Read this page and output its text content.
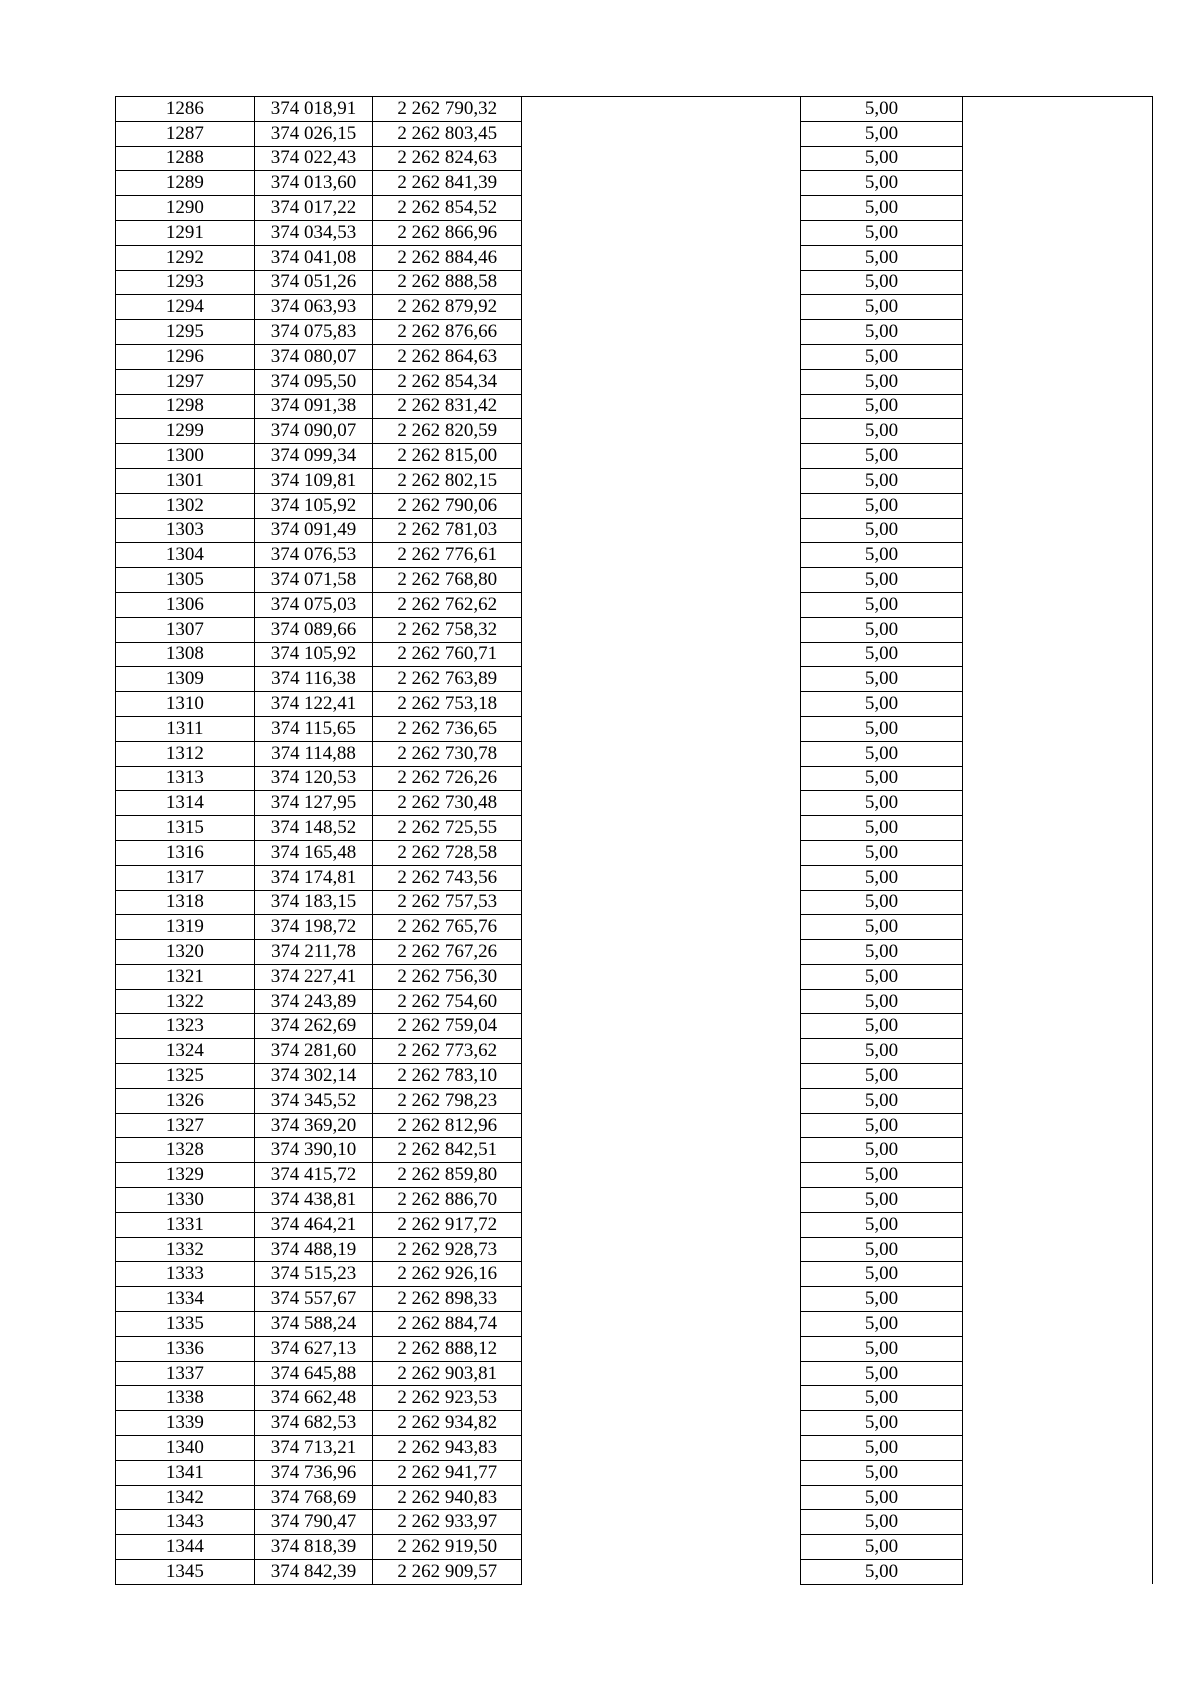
1286	374 018,91	2 262 790,32		5,00	
1287	374 026,15	2 262 803,45		5,00	
1288	374 022,43	2 262 824,63		5,00	
1289	374 013,60	2 262 841,39		5,00	
1290	374 017,22	2 262 854,52		5,00	
1291	374 034,53	2 262 866,96		5,00	
1292	374 041,08	2 262 884,46		5,00	
1293	374 051,26	2 262 888,58		5,00	
1294	374 063,93	2 262 879,92		5,00	
1295	374 075,83	2 262 876,66		5,00	
1296	374 080,07	2 262 864,63		5,00	
1297	374 095,50	2 262 854,34		5,00	
1298	374 091,38	2 262 831,42		5,00	
1299	374 090,07	2 262 820,59		5,00	
1300	374 099,34	2 262 815,00		5,00	
1301	374 109,81	2 262 802,15		5,00	
1302	374 105,92	2 262 790,06		5,00	
1303	374 091,49	2 262 781,03		5,00	
1304	374 076,53	2 262 776,61		5,00	
1305	374 071,58	2 262 768,80		5,00	
1306	374 075,03	2 262 762,62		5,00	
1307	374 089,66	2 262 758,32		5,00	
1308	374 105,92	2 262 760,71		5,00	
1309	374 116,38	2 262 763,89		5,00	
1310	374 122,41	2 262 753,18		5,00	
1311	374 115,65	2 262 736,65		5,00	
1312	374 114,88	2 262 730,78		5,00	
1313	374 120,53	2 262 726,26		5,00	
1314	374 127,95	2 262 730,48		5,00	
1315	374 148,52	2 262 725,55		5,00	
1316	374 165,48	2 262 728,58		5,00	
1317	374 174,81	2 262 743,56		5,00	
1318	374 183,15	2 262 757,53		5,00	
1319	374 198,72	2 262 765,76		5,00	
1320	374 211,78	2 262 767,26		5,00	
1321	374 227,41	2 262 756,30		5,00	
1322	374 243,89	2 262 754,60		5,00	
1323	374 262,69	2 262 759,04		5,00	
1324	374 281,60	2 262 773,62		5,00	
1325	374 302,14	2 262 783,10		5,00	
1326	374 345,52	2 262 798,23		5,00	
1327	374 369,20	2 262 812,96		5,00	
1328	374 390,10	2 262 842,51		5,00	
1329	374 415,72	2 262 859,80		5,00	
1330	374 438,81	2 262 886,70		5,00	
1331	374 464,21	2 262 917,72		5,00	
1332	374 488,19	2 262 928,73		5,00	
1333	374 515,23	2 262 926,16		5,00	
1334	374 557,67	2 262 898,33		5,00	
1335	374 588,24	2 262 884,74		5,00	
1336	374 627,13	2 262 888,12		5,00	
1337	374 645,88	2 262 903,81		5,00	
1338	374 662,48	2 262 923,53		5,00	
1339	374 682,53	2 262 934,82		5,00	
1340	374 713,21	2 262 943,83		5,00	
1341	374 736,96	2 262 941,77		5,00	
1342	374 768,69	2 262 940,83		5,00	
1343	374 790,47	2 262 933,97		5,00	
1344	374 818,39	2 262 919,50		5,00	
1345	374 842,39	2 262 909,57		5,00	
